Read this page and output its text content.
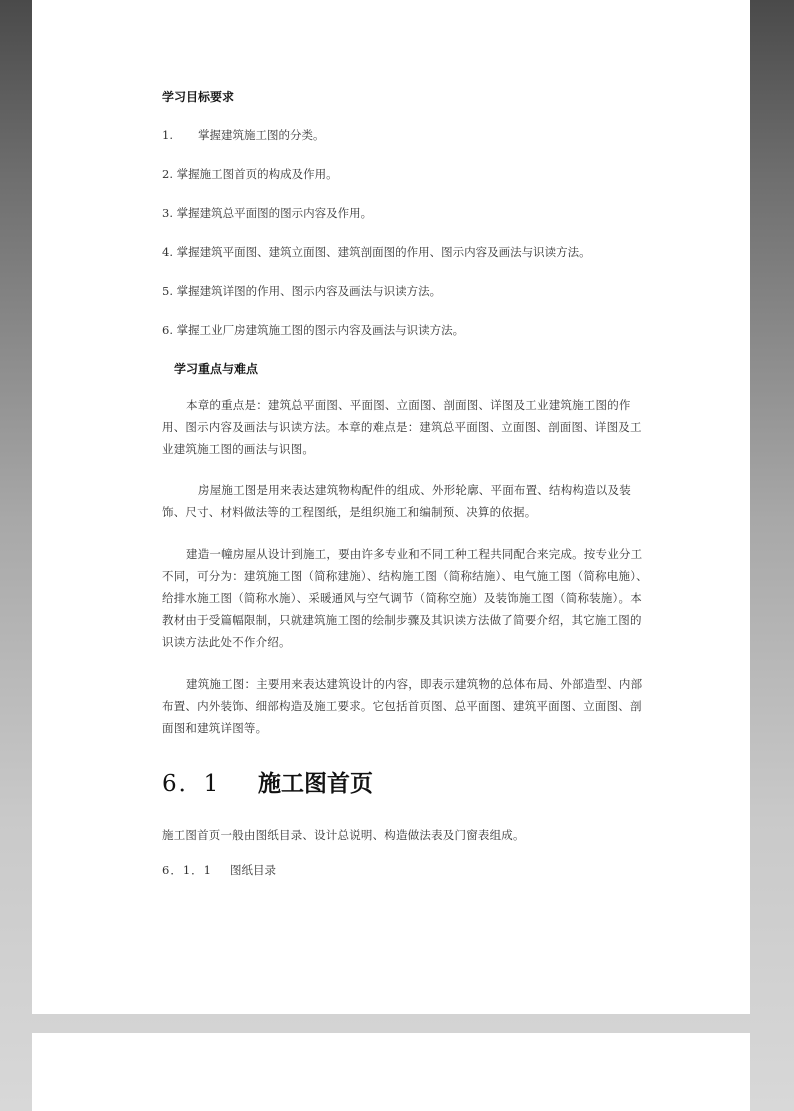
学习目标要求
1. 掌握建筑施工图的分类。
2. 掌握施工图首页的构成及作用。
3. 掌握建筑总平面图的图示内容及作用。
4. 掌握建筑平面图、建筑立面图、建筑剖面图的作用、图示内容及画法与识读方法。
5. 掌握建筑详图的作用、图示内容及画法与识读方法。
6. 掌握工业厂房建筑施工图的图示内容及画法与识读方法。
学习重点与难点

本章的重点是：建筑总平面图、平面图、立面图、剖面图、详图及工业建筑施工图的作用、图示内容及画法与识读方法。本章的难点是：建筑总平面图、立面图、剖面图、详图及工业建筑施工图的画法与识图。

房屋施工图是用来表达建筑物构配件的组成、外形轮廓、平面布置、结构构造以及装饰、尺寸、材料做法等的工程图纸，是组织施工和编制预、决算的依据。

建造一幢房屋从设计到施工，要由许多专业和不同工种工程共同配合来完成。按专业分工不同，可分为：建筑施工图（简称建施）、结构施工图（简称结施）、电气施工图（简称电施）、给排水施工图（简称水施）、采暖通风与空气调节（简称空施）及装饰施工图（简称装施）。本教材由于受篇幅限制，只就建筑施工图的绘制步骤及其识读方法做了简要介绍，其它施工图的识读方法此处不作介绍。

建筑施工图：主要用来表达建筑设计的内容，即表示建筑物的总体布局、外部造型、内部布置、内外装饰、细部构造及施工要求。它包括首页图、总平面图、建筑平面图、立面图、剖面图和建筑详图等。

6．1	施工图首页

施工图首页一般由图纸目录、设计总说明、构造做法表及门窗表组成。

6．1．1	图纸目录
